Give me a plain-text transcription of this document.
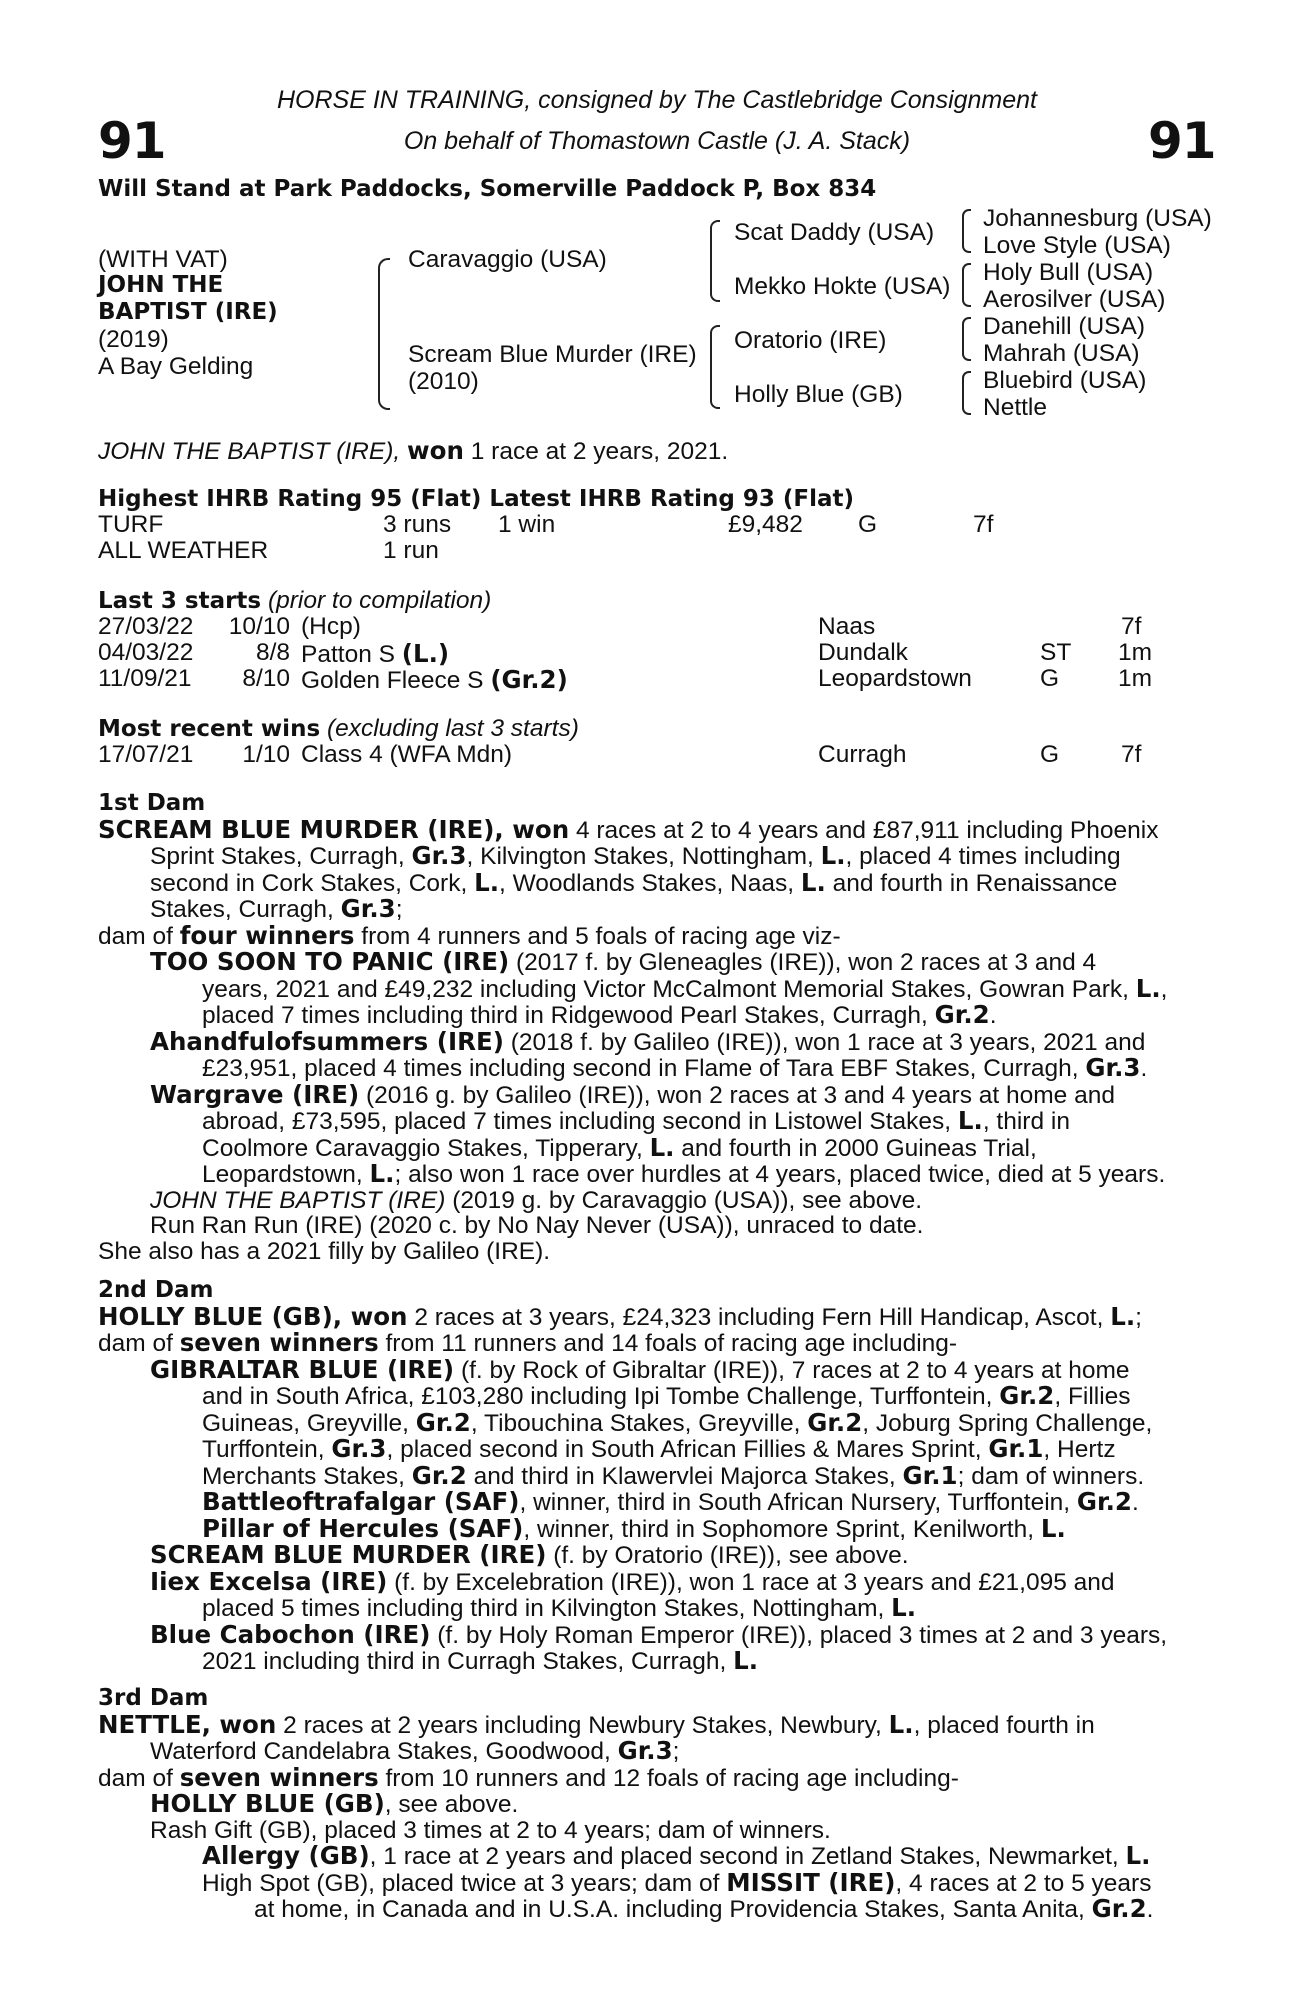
91	91
HORSE IN TRAINING, consigned by The Castlebridge Consignment
On behalf of Thomastown Castle (J. A. Stack)
Will Stand at Park Paddocks, Somerville Paddock P, Box 834
(WITH VAT)
JOHN THE
BAPTIST (IRE)
(2019)
A Bay Gelding
Caravaggio (USA)
Scream Blue Murder (IRE)
(2010)
Scat Daddy (USA)
Mekko Hokte (USA)
Oratorio (IRE)
Holly Blue (GB)
Johannesburg (USA)
Love Style (USA)
Holy Bull (USA)
Aerosilver (USA)
Danehill (USA)
Mahrah (USA)
Bluebird (USA)
Nettle
JOHN THE BAPTIST (IRE), won 1 race at 2 years, 2021.
Highest IHRB Rating 95 (Flat) Latest IHRB Rating 93 (Flat)
TURF	3 runs 1 win	£9,482 G	7f
ALL WEATHER	1 run
Last 3 starts (prior to compilation)
27/03/22	10/10 (Hcp)	Naas	7f
04/03/22	8/8 Patton S (L.)	Dundalk	ST 1m
11/09/21	8/10 Golden Fleece S (Gr.2)	Leopardstown	G 1m
Most recent wins (excluding last 3 starts)
17/07/21	1/10 Class 4 (WFA Mdn)	Curragh	G	7f

1st Dam

SCREAM BLUE MURDER (IRE), won 4 races at 2 to 4 years and £87,911 including Phoenix

Sprint Stakes, Curragh, Gr.3, Kilvington Stakes, Nottingham, L., placed 4 times including

second in Cork Stakes, Cork, L., Woodlands Stakes, Naas, L. and fourth in Renaissance

Stakes, Curragh, Gr.3;

dam of four winners from 4 runners and 5 foals of racing age viz-

TOO SOON TO PANIC (IRE) (2017 f. by Gleneagles (IRE)), won 2 races at 3 and 4

years, 2021 and £49,232 including Victor McCalmont Memorial Stakes, Gowran Park, L.,

placed 7 times including third in Ridgewood Pearl Stakes, Curragh, Gr.2.

Ahandfulofsummers (IRE) (2018 f. by Galileo (IRE)), won 1 race at 3 years, 2021 and

£23,951, placed 4 times including second in Flame of Tara EBF Stakes, Curragh, Gr.3.

Wargrave (IRE) (2016 g. by Galileo (IRE)), won 2 races at 3 and 4 years at home and

abroad, £73,595, placed 7 times including second in Listowel Stakes, L., third in

Coolmore Caravaggio Stakes, Tipperary, L. and fourth in 2000 Guineas Trial,

Leopardstown, L.; also won 1 race over hurdles at 4 years, placed twice, died at 5 years.

JOHN THE BAPTIST (IRE) (2019 g. by Caravaggio (USA)), see above.

Run Ran Run (IRE) (2020 c. by No Nay Never (USA)), unraced to date.

She also has a 2021 filly by Galileo (IRE).

2nd Dam

HOLLY BLUE (GB), won 2 races at 3 years, £24,323 including Fern Hill Handicap, Ascot, L.;

dam of seven winners from 11 runners and 14 foals of racing age including-

GIBRALTAR BLUE (IRE) (f. by Rock of Gibraltar (IRE)), 7 races at 2 to 4 years at home

and in South Africa, £103,280 including Ipi Tombe Challenge, Turffontein, Gr.2, Fillies

Guineas, Greyville, Gr.2, Tibouchina Stakes, Greyville, Gr.2, Joburg Spring Challenge,

Turffontein, Gr.3, placed second in South African Fillies & Mares Sprint, Gr.1, Hertz

Merchants Stakes, Gr.2 and third in Klawervlei Majorca Stakes, Gr.1; dam of winners.

Battleoftrafalgar (SAF), winner, third in South African Nursery, Turffontein, Gr.2.

Pillar of Hercules (SAF), winner, third in Sophomore Sprint, Kenilworth, L.

SCREAM BLUE MURDER (IRE) (f. by Oratorio (IRE)), see above.

Iiex Excelsa (IRE) (f. by Excelebration (IRE)), won 1 race at 3 years and £21,095 and

placed 5 times including third in Kilvington Stakes, Nottingham, L.

Blue Cabochon (IRE) (f. by Holy Roman Emperor (IRE)), placed 3 times at 2 and 3 years,

2021 including third in Curragh Stakes, Curragh, L.

3rd Dam

NETTLE, won 2 races at 2 years including Newbury Stakes, Newbury, L., placed fourth in

Waterford Candelabra Stakes, Goodwood, Gr.3;

dam of seven winners from 10 runners and 12 foals of racing age including-

HOLLY BLUE (GB), see above.

Rash Gift (GB), placed 3 times at 2 to 4 years; dam of winners.

Allergy (GB), 1 race at 2 years and placed second in Zetland Stakes, Newmarket, L.

High Spot (GB), placed twice at 3 years; dam of MISSIT (IRE), 4 races at 2 to 5 years

at home, in Canada and in U.S.A. including Providencia Stakes, Santa Anita, Gr.2.
